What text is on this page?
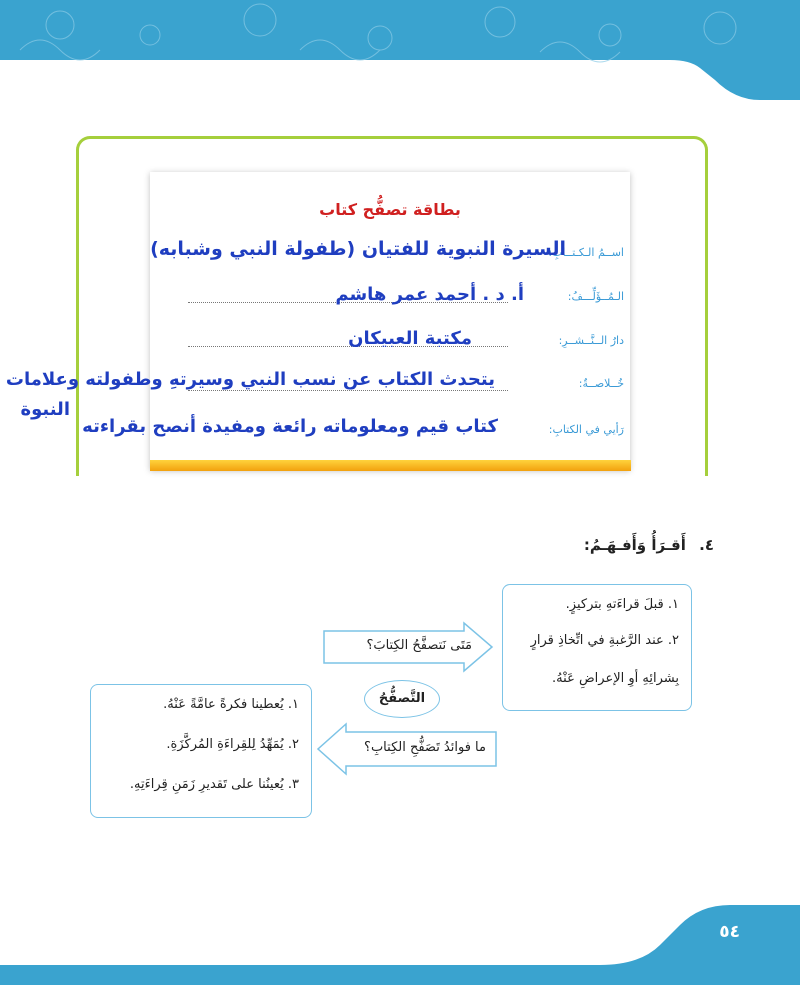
بطاقة تصفُّح كتاب
اســمُ الـكـتــابِ:
السيرة النبوية للفتيان (طفولة النبي وشبابه)
الـمُــؤَلِّـــفُ:
أ. د . أحمد عمر هاشم
دارُ الــنَّــشــرِ:
مكتبة العبيكان
خُــلاصــةٌ:
يتحدث الكتاب عن نسب النبي وسيرتهِ وطفولته وعلامات
النبوة
رَأيي في الكتابِ:
كتاب قيم ومعلوماته رائعة ومفيدة أنصح بقراءته
٤. أَقـرَأُ وَأَفـهَـمُ:
١. قبلَ قراءَتهِ بتركيزٍ.
٢. عند الرَّغبةِ في اتِّخاذِ قرارٍ
بِشرائِهِ أوِ الإعراضِ عَنْهُ.
مَتَى نَتصفَّحُ الكِتابَ؟
التَّصفُّحُ
ما فوائدُ تَصَفُّحِ الكِتابِ؟
١. يُعطينا فكرةً عامَّةً عَنْهُ.
٢. يُمَهِّدُ لِلقِراءَةِ المُركَّزَةِ.
٣. يُعينُنا على تَقديرِ زَمَنِ قِراءَتِهِ.
٥٤
